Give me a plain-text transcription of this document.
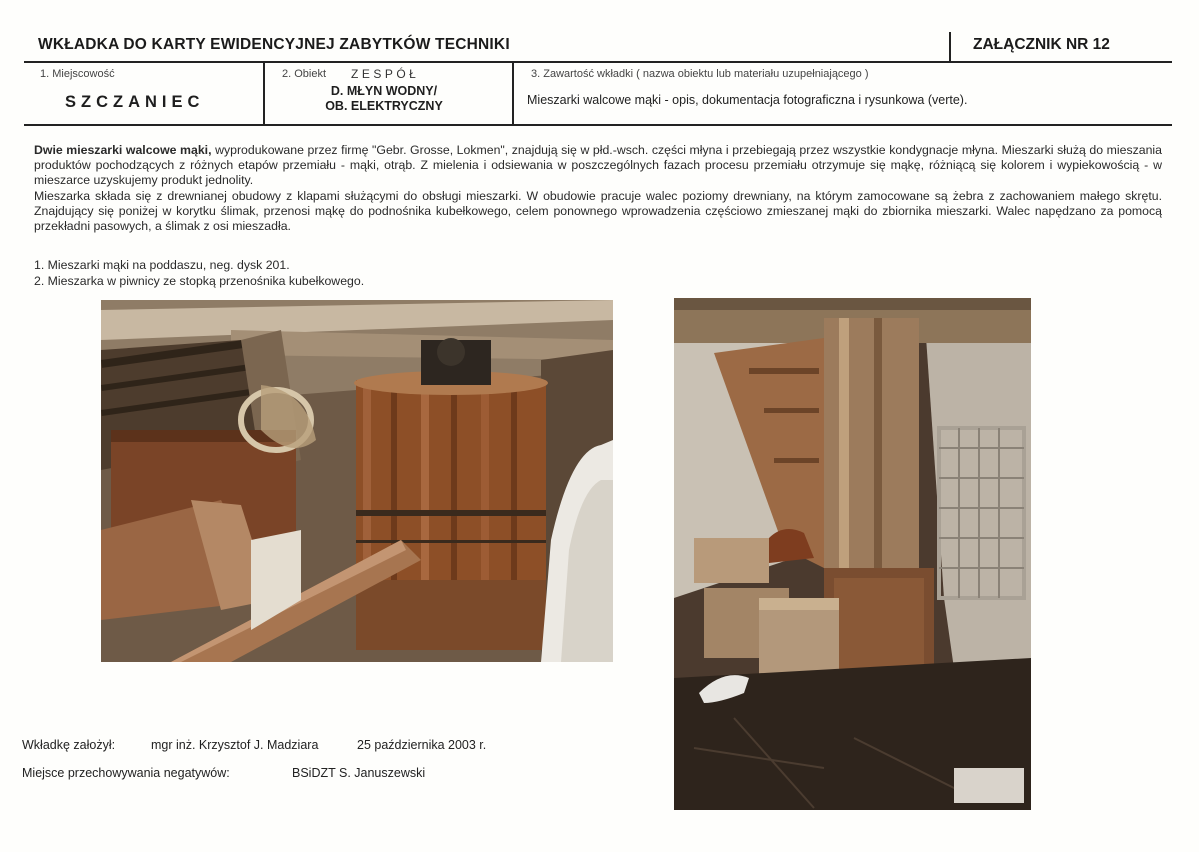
WKŁADKA DO KARTY EWIDENCYJNEJ ZABYTKÓW TECHNIKI	ZAŁĄCZNIK NR 12
1. Miejscowość
SZCZANIEC
2. Obiekt ZESPÓŁ
D. MŁYN WODNY/
OB. ELEKTRYCZNY
3. Zawartość wkładki ( nazwa obiektu lub materiału uzupełniającego )
Mieszarki walcowe mąki - opis, dokumentacja fotograficzna i rysunkowa (verte).

Dwie mieszarki walcowe mąki, wyprodukowane przez firmę "Gebr. Grosse, Lokmen", znajdują się w płd.-wsch. części młyna i przebiegają przez wszystkie kondygnacje młyna. Mieszarki służą do mieszania produktów pochodzących z różnych etapów przemiału - mąki, otrąb. Z mielenia i odsiewania w poszczególnych fazach procesu przemiału otrzymuje się mąkę, różniącą się kolorem i wypiekowością - w mieszarce uzyskujemy produkt jednolity.

Mieszarka składa się z drewnianej obudowy z klapami służącymi do obsługi mieszarki. W obudowie pracuje walec poziomy drewniany, na którym zamocowane są żebra z zachowaniem małego skrętu. Znajdujący się poniżej w korytku ślimak, przenosi mąkę do podnośnika kubełkowego, celem ponownego wprowadzenia częściowo zmieszanej mąki do zbiornika mieszarki. Walec napędzano za pomocą przekładni pasowych, a ślimak z osi mieszadła.

1. Mieszarki mąki na poddaszu, neg. dysk 201.
2. Mieszarka w piwnicy ze stopką przenośnika kubełkowego.
Wkładkę założył:	mgr inż. Krzysztof J. Madziara	25 października 2003 r.
Miejsce przechowywania negatywów:	BSiDZT S. Januszewski
